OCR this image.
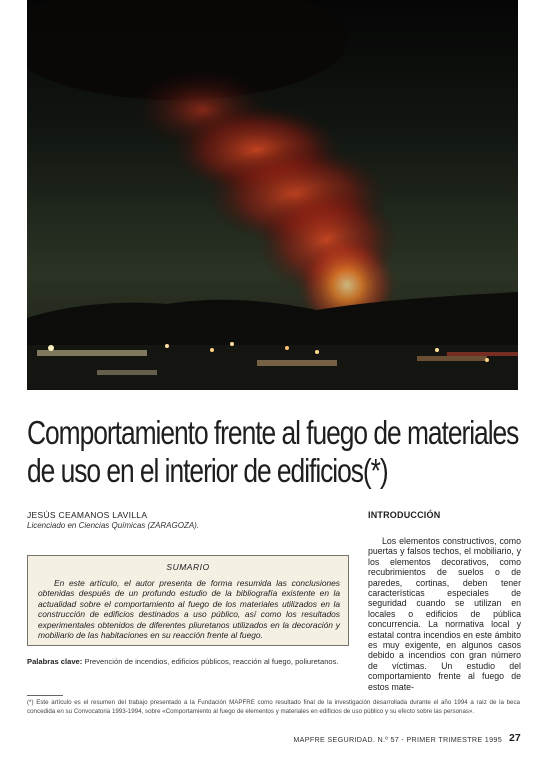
Comportamiento frente al fuego de materiales
de uso en el interior de edificios(*)
JESÚS CEAMANOS LAVILLA
Licenciado en Ciencias Químicas (ZARAGOZA).
SUMARIO
En este artículo, el autor presenta de forma resumida las conclusiones obtenidas después de un profundo estudio de la bibliografía existente en la actualidad sobre el comportamiento al fuego de los materiales utilizados en la construcción de edificios destinados a uso público, así como los resultados experimentales obtenidos de diferentes pliuretanos utilizados en la decoración y mobiliario de las habitaciones en su reacción frente al fuego.
Palabras clave: Prevención de incendios, edificios públicos, reacción al fuego, poliuretanos.
INTRODUCCIÓN

Los elementos constructivos, como puertas y falsos techos, el mobiliario, y los elementos decorativos, como recubrimientos de suelos o de paredes, cortinas, deben tener características especiales de seguridad cuando se utilizan en locales o edificios de pública concurrencia. La normativa local y estatal contra incendios en este ámbito es muy exigente, en algunos casos debido a incendios con gran número de víctimas. Un estudio del comportamiento frente al fuego de estos mate-

(*) Este artículo es el resumen del trabajo presentado a la Fundación MAPFRE como resultado final de la investigación desarrollada durante el año 1994 a raíz de la beca concedida en su Convocatoria 1993-1994, sobre «Comportamiento al fuego de elementos y materiales en edificios de uso público y su efecto sobre las personas».
MAPFRE SEGURIDAD. N.º 57 - PRIMER TRIMESTRE 1995 27
